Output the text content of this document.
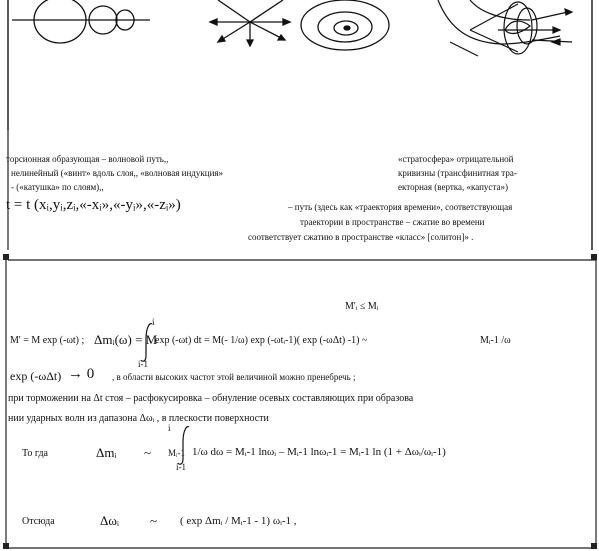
торсионная образующая – волновой путь,,
нелинейный («винт» вдоль слоя,, «волновая индукция»
- («катушка» по слоям),,
«стратосфера» отрицательной
кривизны (трансфинитная тра-
екторная (вертка, «капуста»)
t = t (xᵢ,yᵢ,zᵢ,«-xᵢ»,«-yᵢ»,«-zᵢ»)	– путь (здесь как «траектория времени», соответствующая
траектории в пространстве – сжатие во времени
соответствует сжатию в пространстве «класс» [солитон]» .
M'ᵢ ≤ Mᵢ
i
i-1
M' = M exp (-ωt) ; Δmᵢ(ω) = M
exp (-ωt) dt = M(- 1/ω) exp (-ωtᵢ-1)( exp (-ωΔt) -1) ~	Mᵢ-1 /ω
exp (-ωΔt) → 0 , в области высоких частот этой величиной можно пренебречь ;
при торможении на Δt стоя – расфокусировка – обнуление осевых составляющих при образова
нии ударных волн из дапазона Δωᵢ , в плескости поверхности
i
i-1
То гда	Δmᵢ ~ Mᵢ-1 1/ω dω = Mᵢ-1 lnωᵢ – Mᵢ-1 lnωᵢ-1 = Mᵢ-1 ln (1 + Δωᵢ/ωᵢ-1)
Отсюда	Δωᵢ ~ ( exp Δmᵢ / Mᵢ-1 - 1) ωᵢ-1 ,
